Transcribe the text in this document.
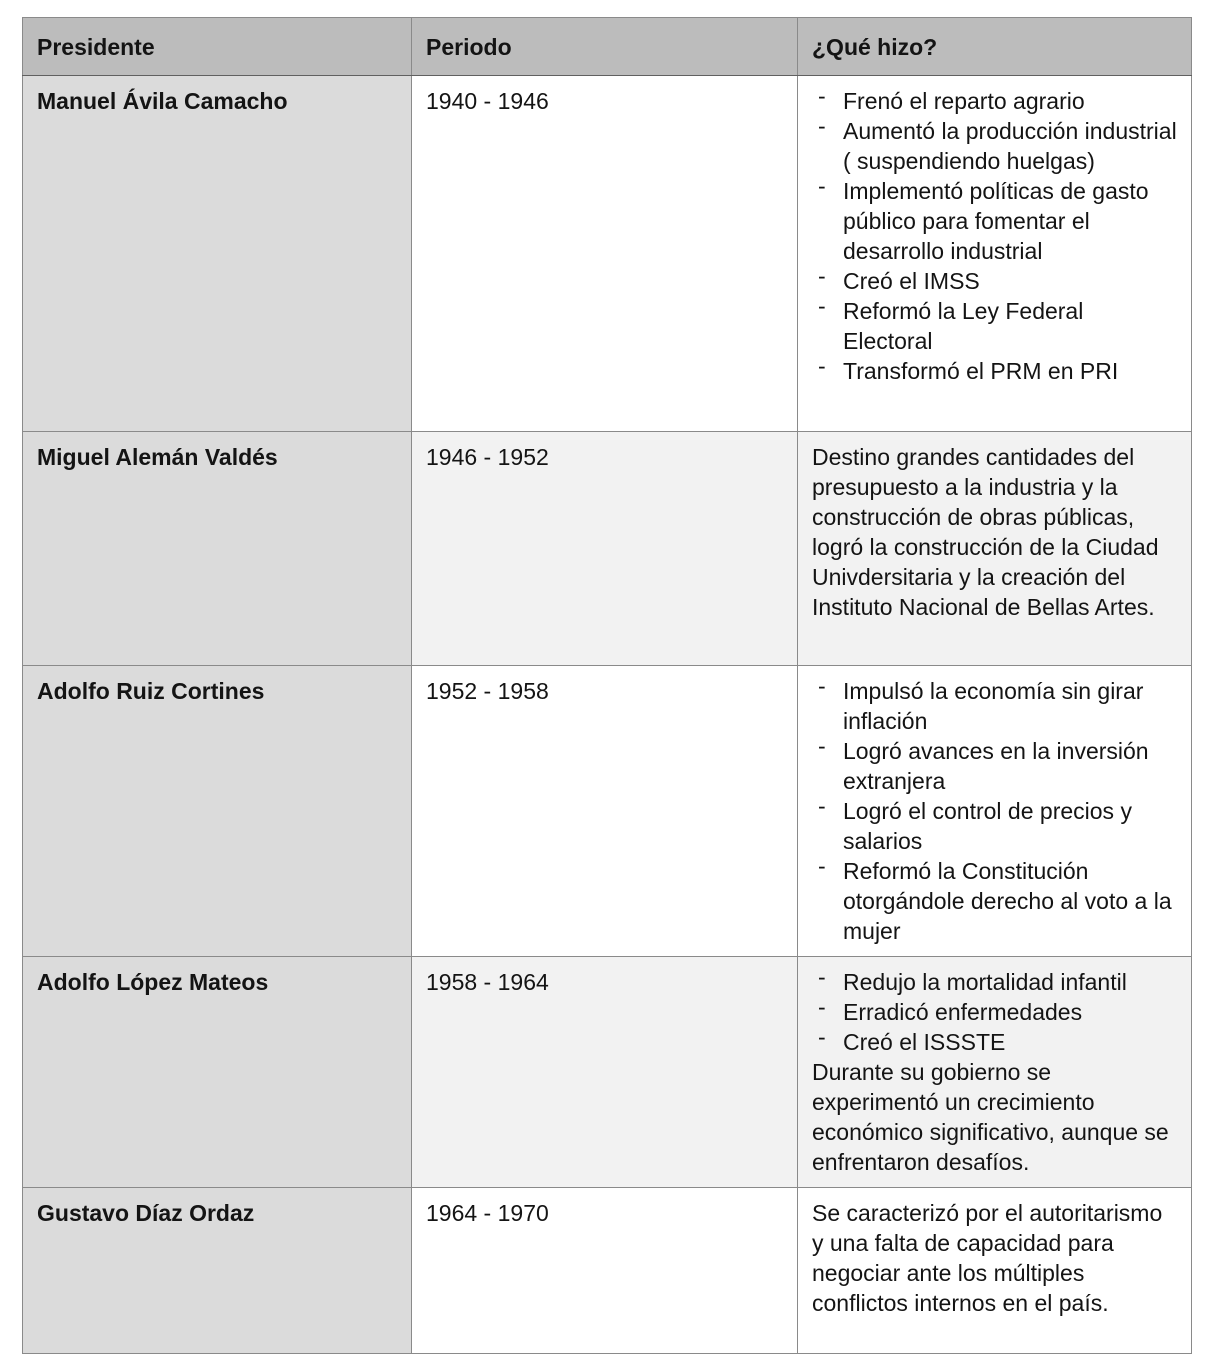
Presidente	Periodo	¿Qué hizo?
Manuel Ávila Camacho	1940 - 1946	- Frenó el reparto agrario
- Aumentó la producción industrial ( suspendiendo huelgas)
- Implementó políticas de gasto público para fomentar el desarrollo industrial
- Creó el IMSS
- Reformó la Ley Federal Electoral
- Transformó el PRM en PRI

Miguel Alemán Valdés	1946 - 1952	Destino grandes cantidades del presupuesto a la industria y la construcción de obras públicas, logró la construcción de la Ciudad Univdersitaria y la creación del Instituto Nacional de Bellas Artes.

Adolfo Ruiz Cortines	1952 - 1958	- Impulsó la economía sin girar inflación
- Logró avances en la inversión extranjera
- Logró el control de precios y salarios
- Reformó la Constitución otorgándole derecho al voto a la mujer

Adolfo López Mateos	1958 - 1964	- Redujo la mortalidad infantil
- Erradicó enfermedades
- Creó el ISSSTE

Durante su gobierno se experimentó un crecimiento económico significativo, aunque se enfrentaron desafíos.

Gustavo Díaz Ordaz	1964 - 1970	Se caracterizó por el autoritarismo y una falta de capacidad para negociar ante los múltiples conflictos internos en el país.
